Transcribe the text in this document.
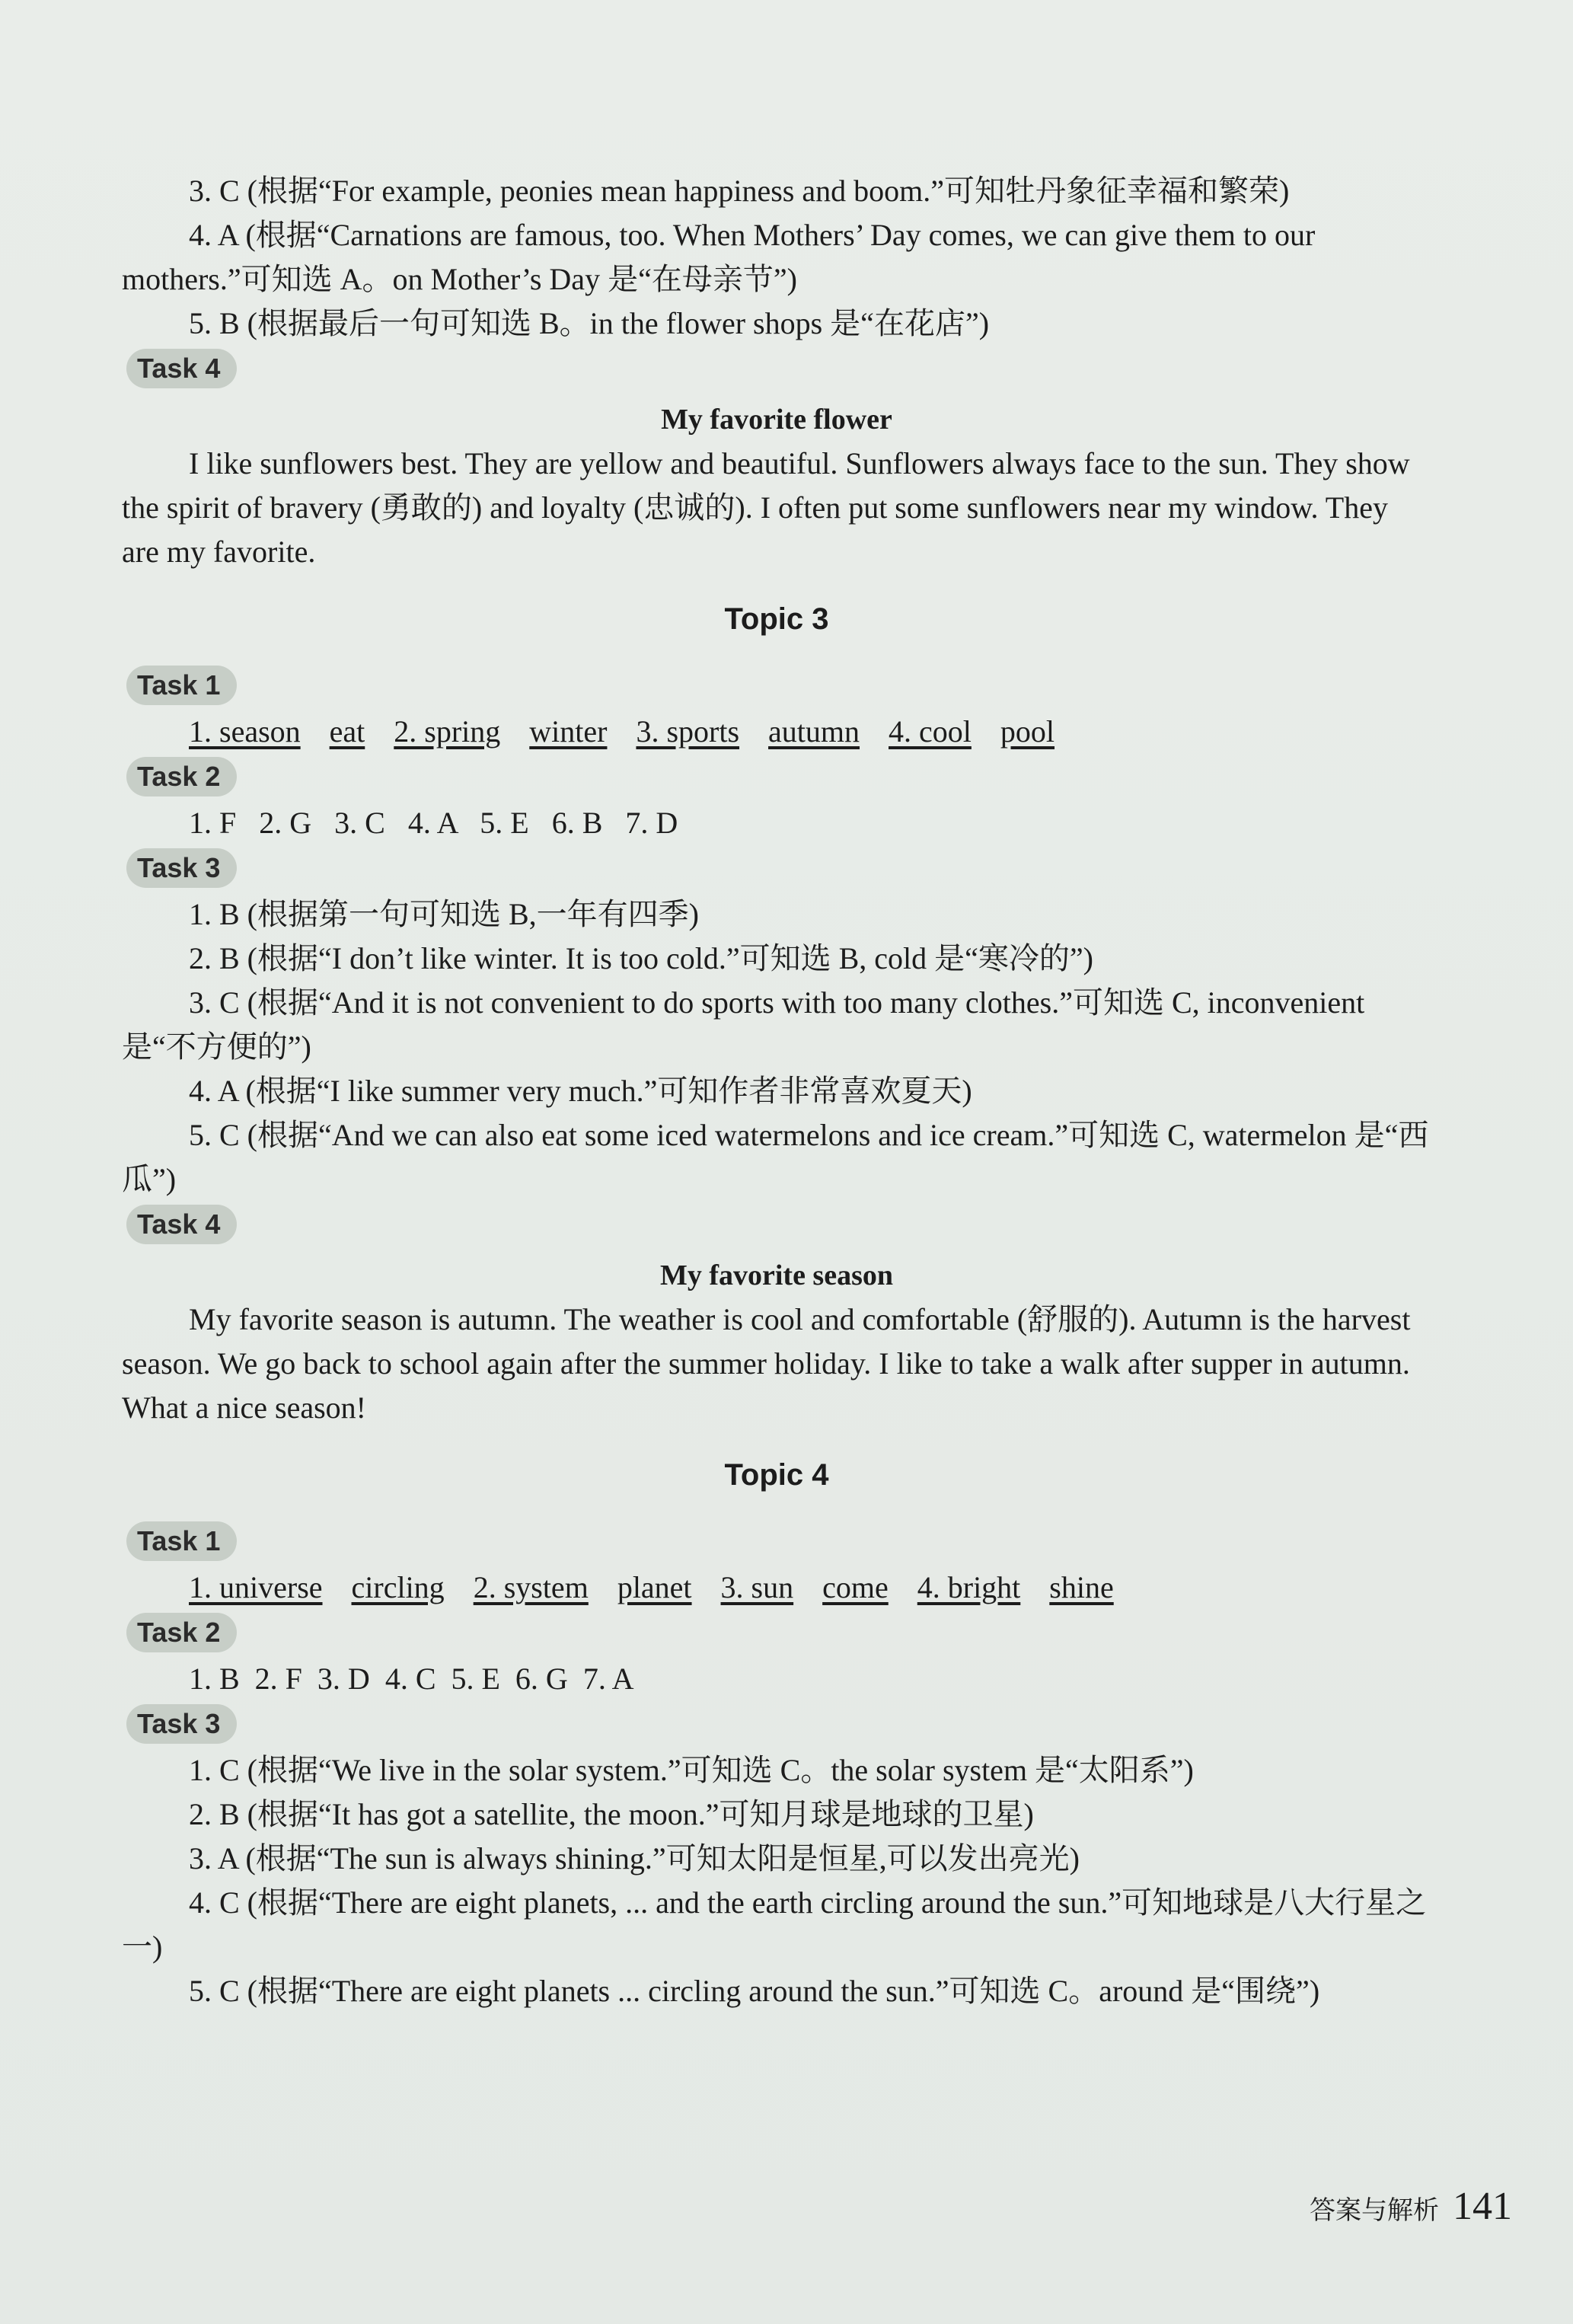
3. C (根据“For example, peonies mean happiness and boom.”可知牡丹象征幸福和繁荣)

4. A (根据“Carnations are famous, too. When Mothers’ Day comes, we can give them to our mothers.”可知选 A。on Mother’s Day 是“在母亲节”)

5. B (根据最后一句可知选 B。in the flower shops 是“在花店”)

Task 4

My favorite flower

I like sunflowers best. They are yellow and beautiful. Sunflowers always face to the sun. They show the spirit of bravery (勇敢的) and loyalty (忠诚的). I often put some sunflowers near my window. They are my favorite.

Topic 3

Task 1

1. season eat 2. spring winter 3. sports autumn 4. cool pool

Task 2

1. F   2. G   3. C   4. A   5. E   6. B   7. D

Task 3

1. B (根据第一句可知选 B,一年有四季)

2. B (根据“I don’t like winter. It is too cold.”可知选 B, cold 是“寒冷的”)

3. C (根据“And it is not convenient to do sports with too many clothes.”可知选 C, inconvenient 是“不方便的”)

4. A (根据“I like summer very much.”可知作者非常喜欢夏天)

5. C (根据“And we can also eat some iced watermelons and ice cream.”可知选 C, watermelon 是“西瓜”)

Task 4

My favorite season

My favorite season is autumn. The weather is cool and comfortable (舒服的). Autumn is the harvest season. We go back to school again after the summer holiday. I like to take a walk after supper in autumn. What a nice season!

Topic 4

Task 1

1. universe circling 2. system planet 3. sun come 4. bright shine

Task 2

1. B  2. F  3. D  4. C  5. E  6. G  7. A

Task 3

1. C (根据“We live in the solar system.”可知选 C。the solar system 是“太阳系”)

2. B (根据“It has got a satellite, the moon.”可知月球是地球的卫星)

3. A (根据“The sun is always shining.”可知太阳是恒星,可以发出亮光)

4. C (根据“There are eight planets, ... and the earth circling around the sun.”可知地球是八大行星之一)

5. C (根据“There are eight planets ... circling around the sun.”可知选 C。around 是“围绕”)

答案与解析 141
